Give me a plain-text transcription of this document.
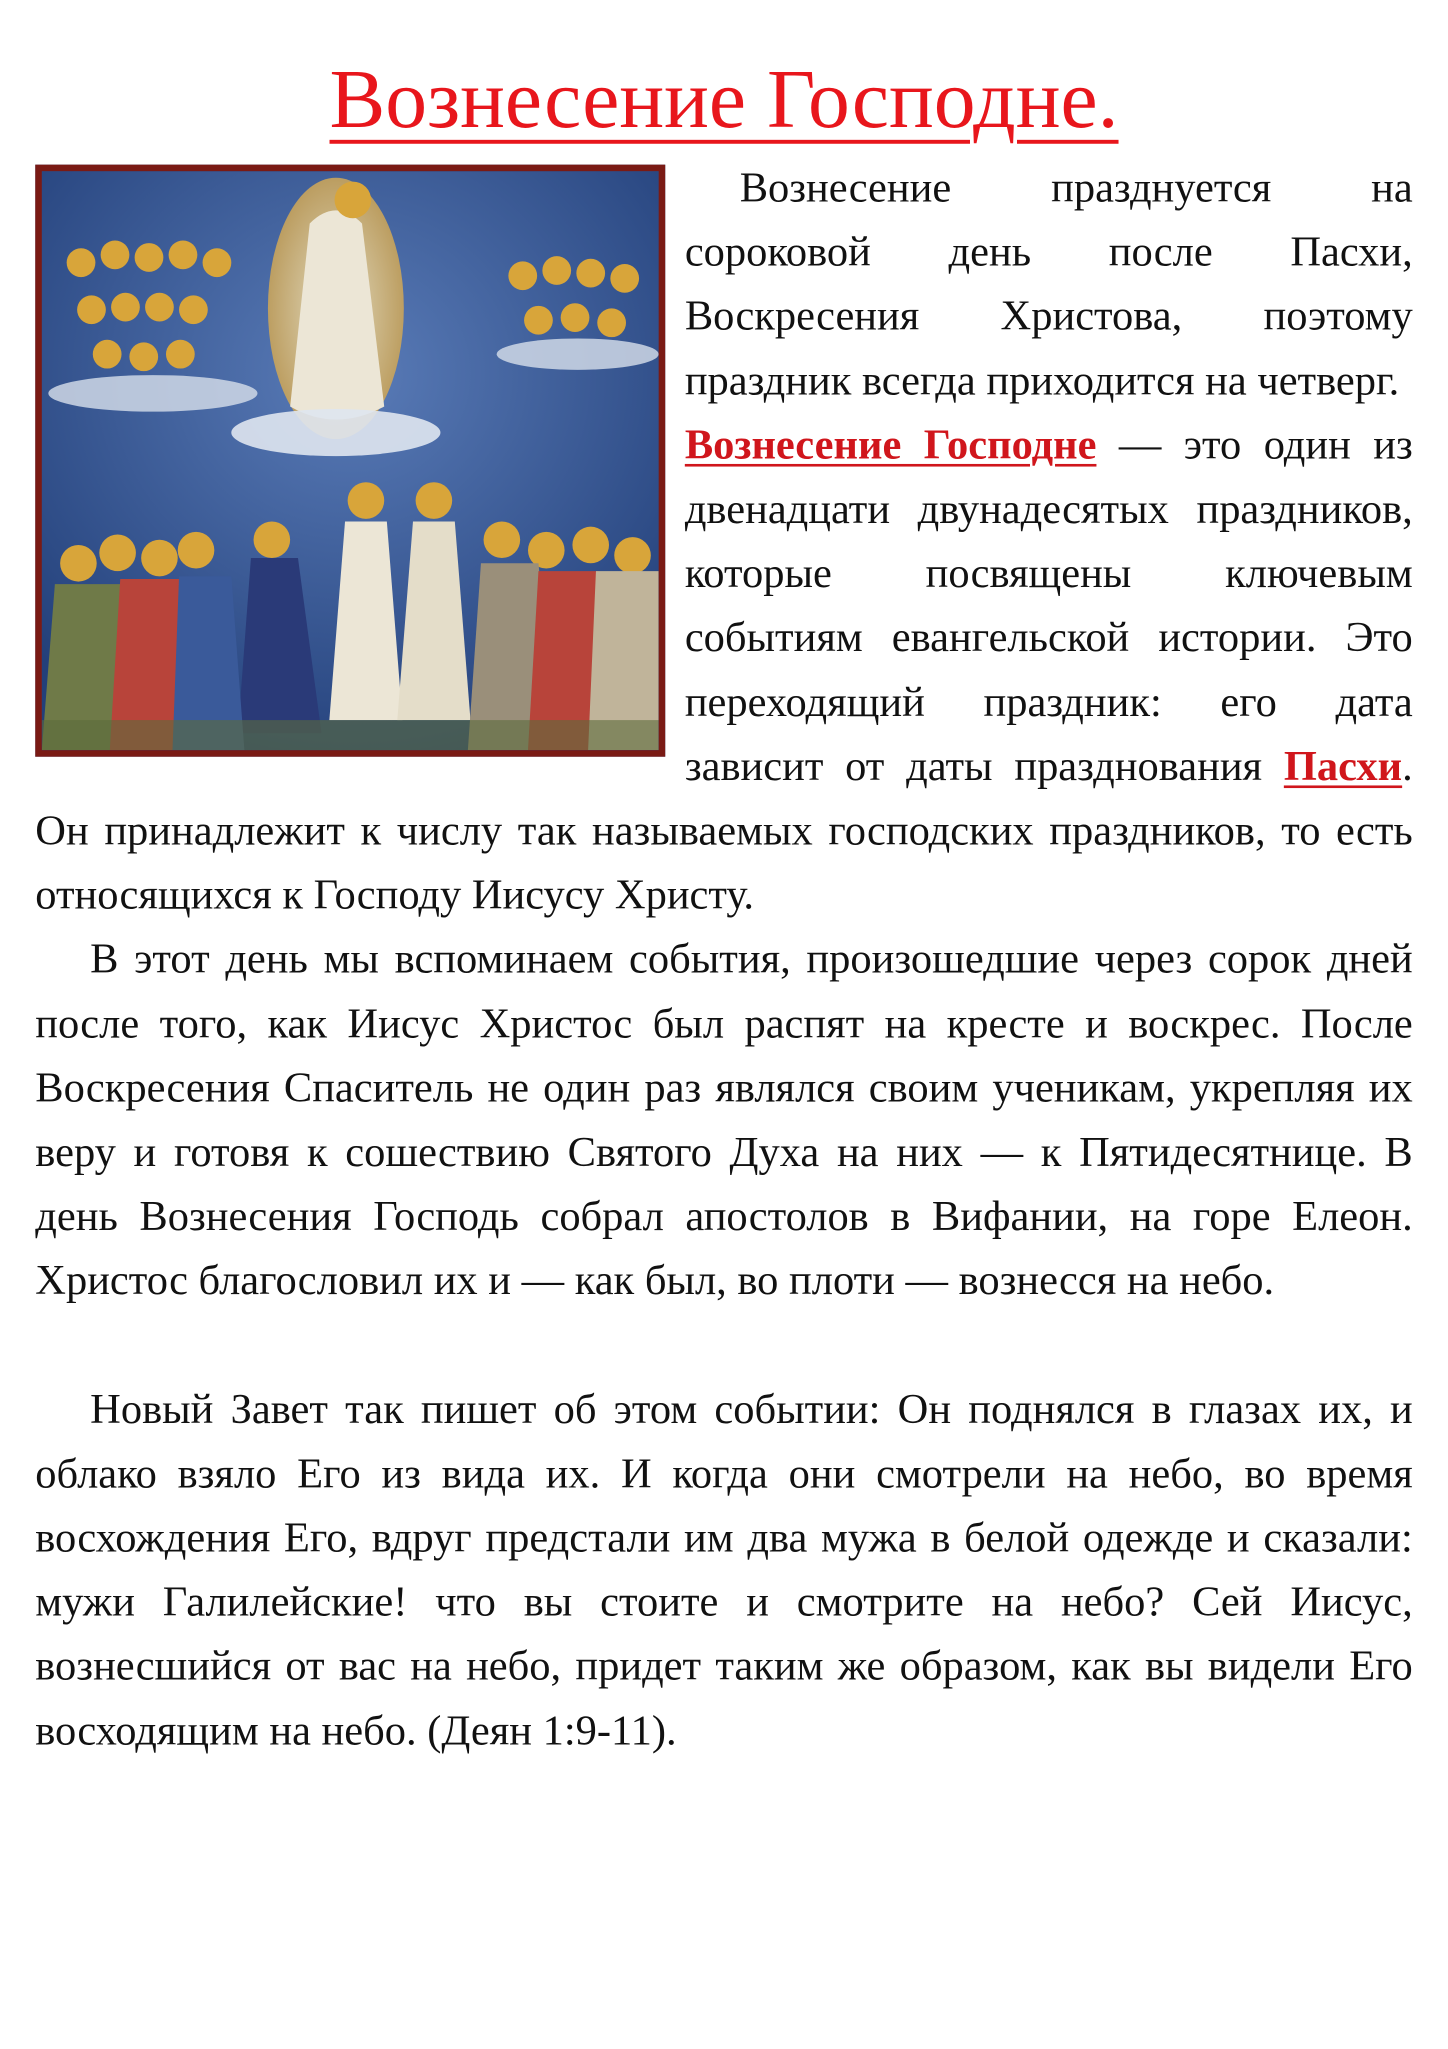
Вознесение Господне.

Вознесение празднуется на сороковой день после Пасхи, Воскресения Христова, поэтому праздник всегда приходится на четверг.
Вознесение Господне — это один из двенадцати двунадесятых праздников, которые посвящены ключевым событиям евангельской истории. Это переходящий праздник: его дата зависит от даты празднования Пасхи. Он принадлежит к числу так называемых господских праздников, то есть относящихся к Господу Иисусу Христу.

В этот день мы вспоминаем события, произошедшие через сорок дней после того, как Иисус Христос был распят на кресте и воскрес. После Воскресения Спаситель не один раз являлся своим ученикам, укрепляя их веру и готовя к сошествию Святого Духа на них — к Пятидесятнице. В день Вознесения Господь собрал апостолов в Вифании, на горе Елеон. Христос благословил их и — как был, во плоти — вознесся на небо.

Новый Завет так пишет об этом событии: Он поднялся в глазах их, и облако взяло Его из вида их. И когда они смотрели на небо, во время восхождения Его, вдруг предстали им два мужа в белой одежде и сказали: мужи Галилейские! что вы стоите и смотрите на небо? Сей Иисус, вознесшийся от вас на небо, придет таким же образом, как вы видели Его восходящим на небо. (Деян 1:9-11).
